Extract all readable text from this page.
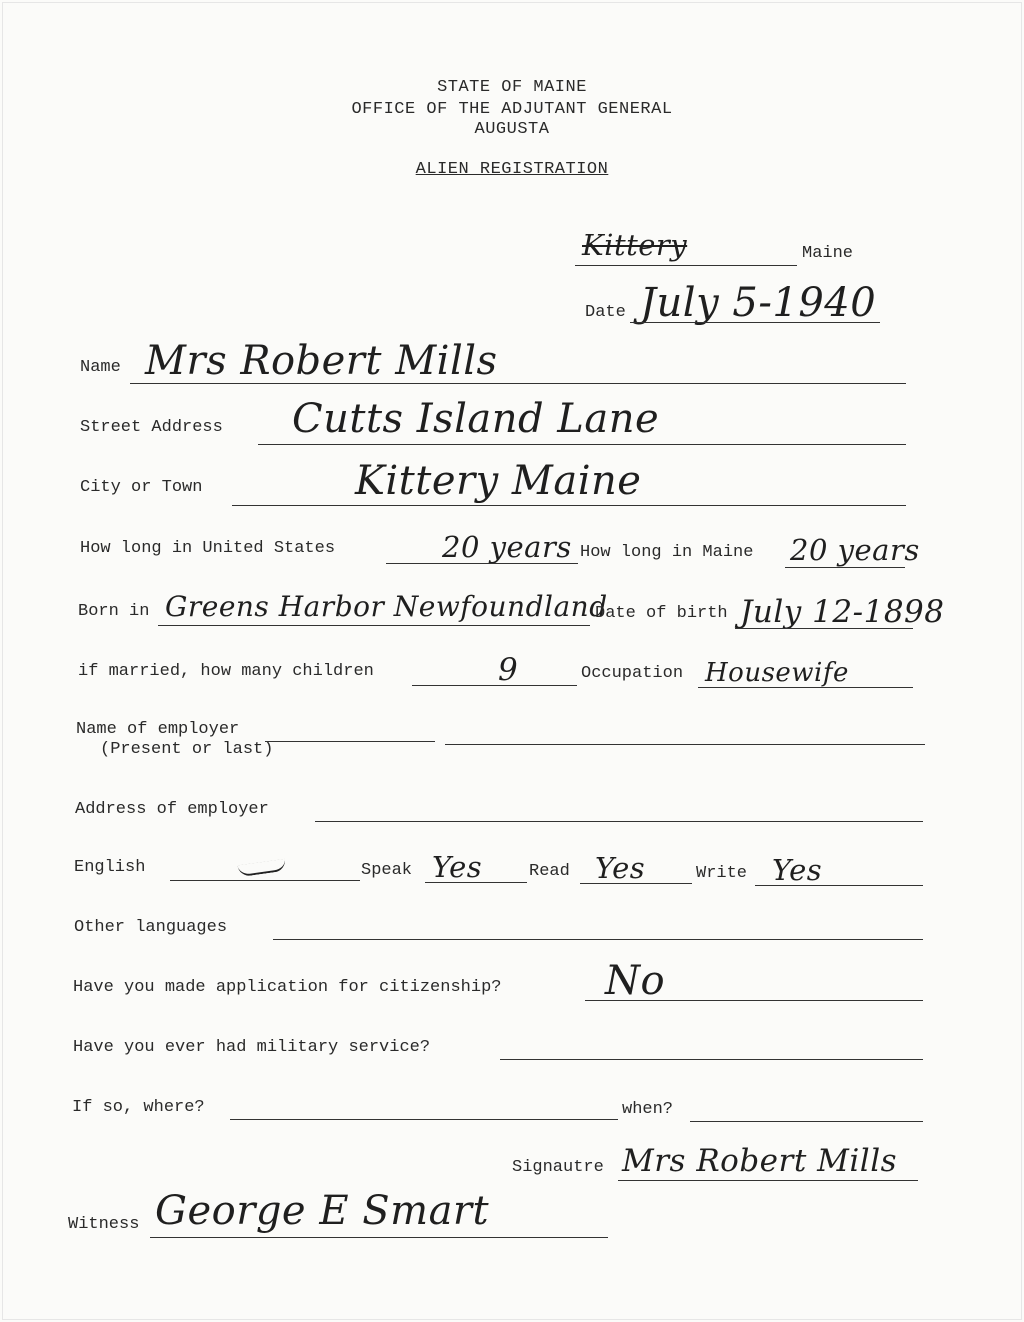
STATE OF MAINE
OFFICE OF THE ADJUTANT GENERAL
AUGUSTA
ALIEN REGISTRATION
Kittery	Maine
Date July 5-1940
Name Mrs Robert Mills
Street Address Cutts Island Lane
City or Town	Kittery Maine
How long in United States	20 years How long in Maine 20 years
Born in Greens Harbor Newfoundland
Date of birth July 12-1898
if married, how many children	9	Occupation Housewife
Name of employer
(Present or last)
Address of employer
English	Speak Yes	Read Yes	Write Yes
Other languages
Have you made application for citizenship?	No
Have you ever had military service?
If so, where?	when?
Signautre Mrs Robert Mills
Witness George E Smart
